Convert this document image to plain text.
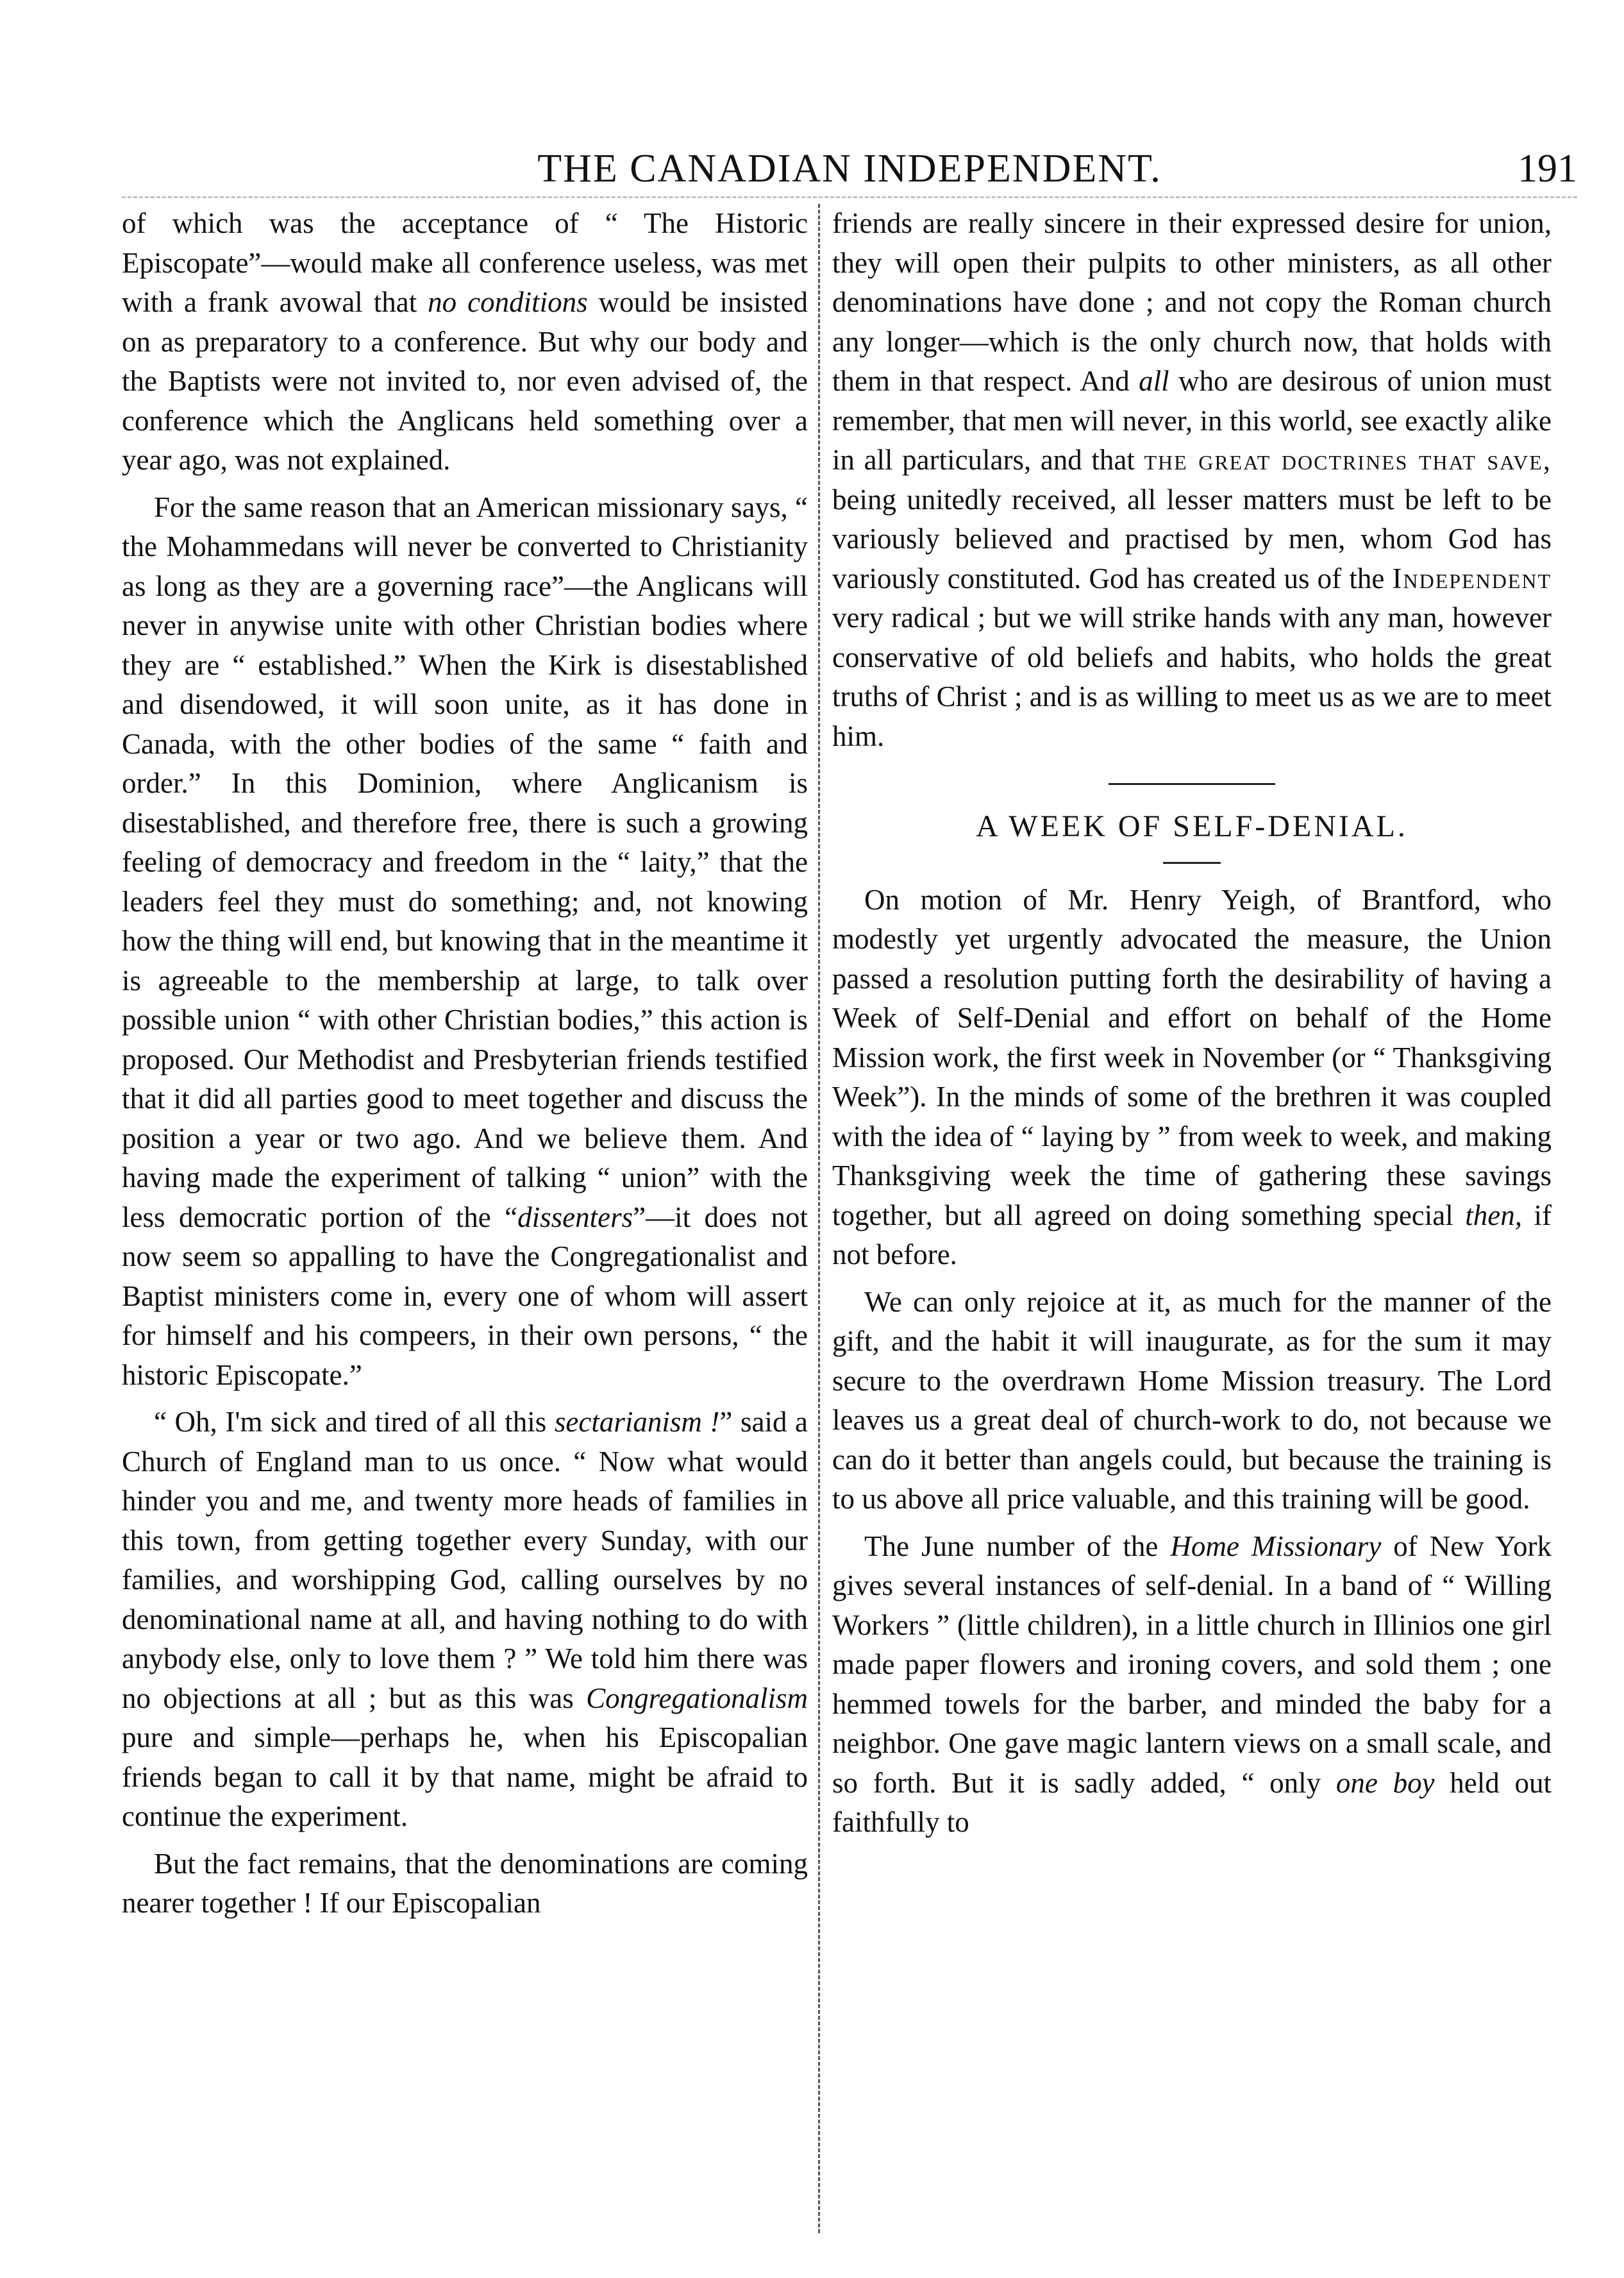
THE CANADIAN INDEPENDENT.	191

of which was the acceptance of “ The Historic Episcopate”—would make all conference useless, was met with a frank avowal that no conditions would be insisted on as preparatory to a conference. But why our body and the Baptists were not invited to, nor even advised of, the conference which the Anglicans held something over a year ago, was not explained.

For the same reason that an American missionary says, “ the Mohammedans will never be converted to Christianity as long as they are a governing race”—the Anglicans will never in anywise unite with other Christian bodies where they are “ established.” When the Kirk is disestablished and disendowed, it will soon unite, as it has done in Canada, with the other bodies of the same “ faith and order.” In this Dominion, where Anglicanism is disestablished, and therefore free, there is such a growing feeling of democracy and freedom in the “ laity,” that the leaders feel they must do something; and, not knowing how the thing will end, but knowing that in the meantime it is agreeable to the membership at large, to talk over possible union “ with other Christian bodies,” this action is proposed. Our Methodist and Presbyterian friends testified that it did all parties good to meet together and discuss the position a year or two ago. And we believe them. And having made the experiment of talking “ union” with the less democratic portion of the “dissenters”—it does not now seem so appalling to have the Congregationalist and Baptist ministers come in, every one of whom will assert for himself and his compeers, in their own persons, “ the historic Episcopate.”

“ Oh, I'm sick and tired of all this sectarianism !” said a Church of England man to us once. “ Now what would hinder you and me, and twenty more heads of families in this town, from getting together every Sunday, with our families, and worshipping God, calling ourselves by no denominational name at all, and having nothing to do with anybody else, only to love them ? ” We told him there was no objections at all ; but as this was Congregationalism pure and simple—perhaps he, when his Episcopalian friends began to call it by that name, might be afraid to continue the experiment.

But the fact remains, that the denominations are coming nearer together ! If our Episcopalian

friends are really sincere in their expressed desire for union, they will open their pulpits to other ministers, as all other denominations have done ; and not copy the Roman church any longer—which is the only church now, that holds with them in that respect. And all who are desirous of union must remember, that men will never, in this world, see exactly alike in all particulars, and that the great doctrines that save, being unitedly received, all lesser matters must be left to be variously believed and practised by men, whom God has variously constituted. God has created us of the Independent very radical ; but we will strike hands with any man, however conservative of old beliefs and habits, who holds the great truths of Christ ; and is as willing to meet us as we are to meet him.

A WEEK OF SELF-DENIAL.

On motion of Mr. Henry Yeigh, of Brantford, who modestly yet urgently advocated the measure, the Union passed a resolution putting forth the desirability of having a Week of Self-Denial and effort on behalf of the Home Mission work, the first week in November (or “ Thanksgiving Week”). In the minds of some of the brethren it was coupled with the idea of “ laying by ” from week to week, and making Thanksgiving week the time of gathering these savings together, but all agreed on doing something special then, if not before.

We can only rejoice at it, as much for the manner of the gift, and the habit it will inaugurate, as for the sum it may secure to the overdrawn Home Mission treasury. The Lord leaves us a great deal of church-work to do, not because we can do it better than angels could, but because the training is to us above all price valuable, and this training will be good.

The June number of the Home Missionary of New York gives several instances of self-denial. In a band of “ Willing Workers ” (little children), in a little church in Illinios one girl made paper flowers and ironing covers, and sold them ; one hemmed towels for the barber, and minded the baby for a neighbor. One gave magic lantern views on a small scale, and so forth. But it is sadly added, “ only one boy held out faithfully to
